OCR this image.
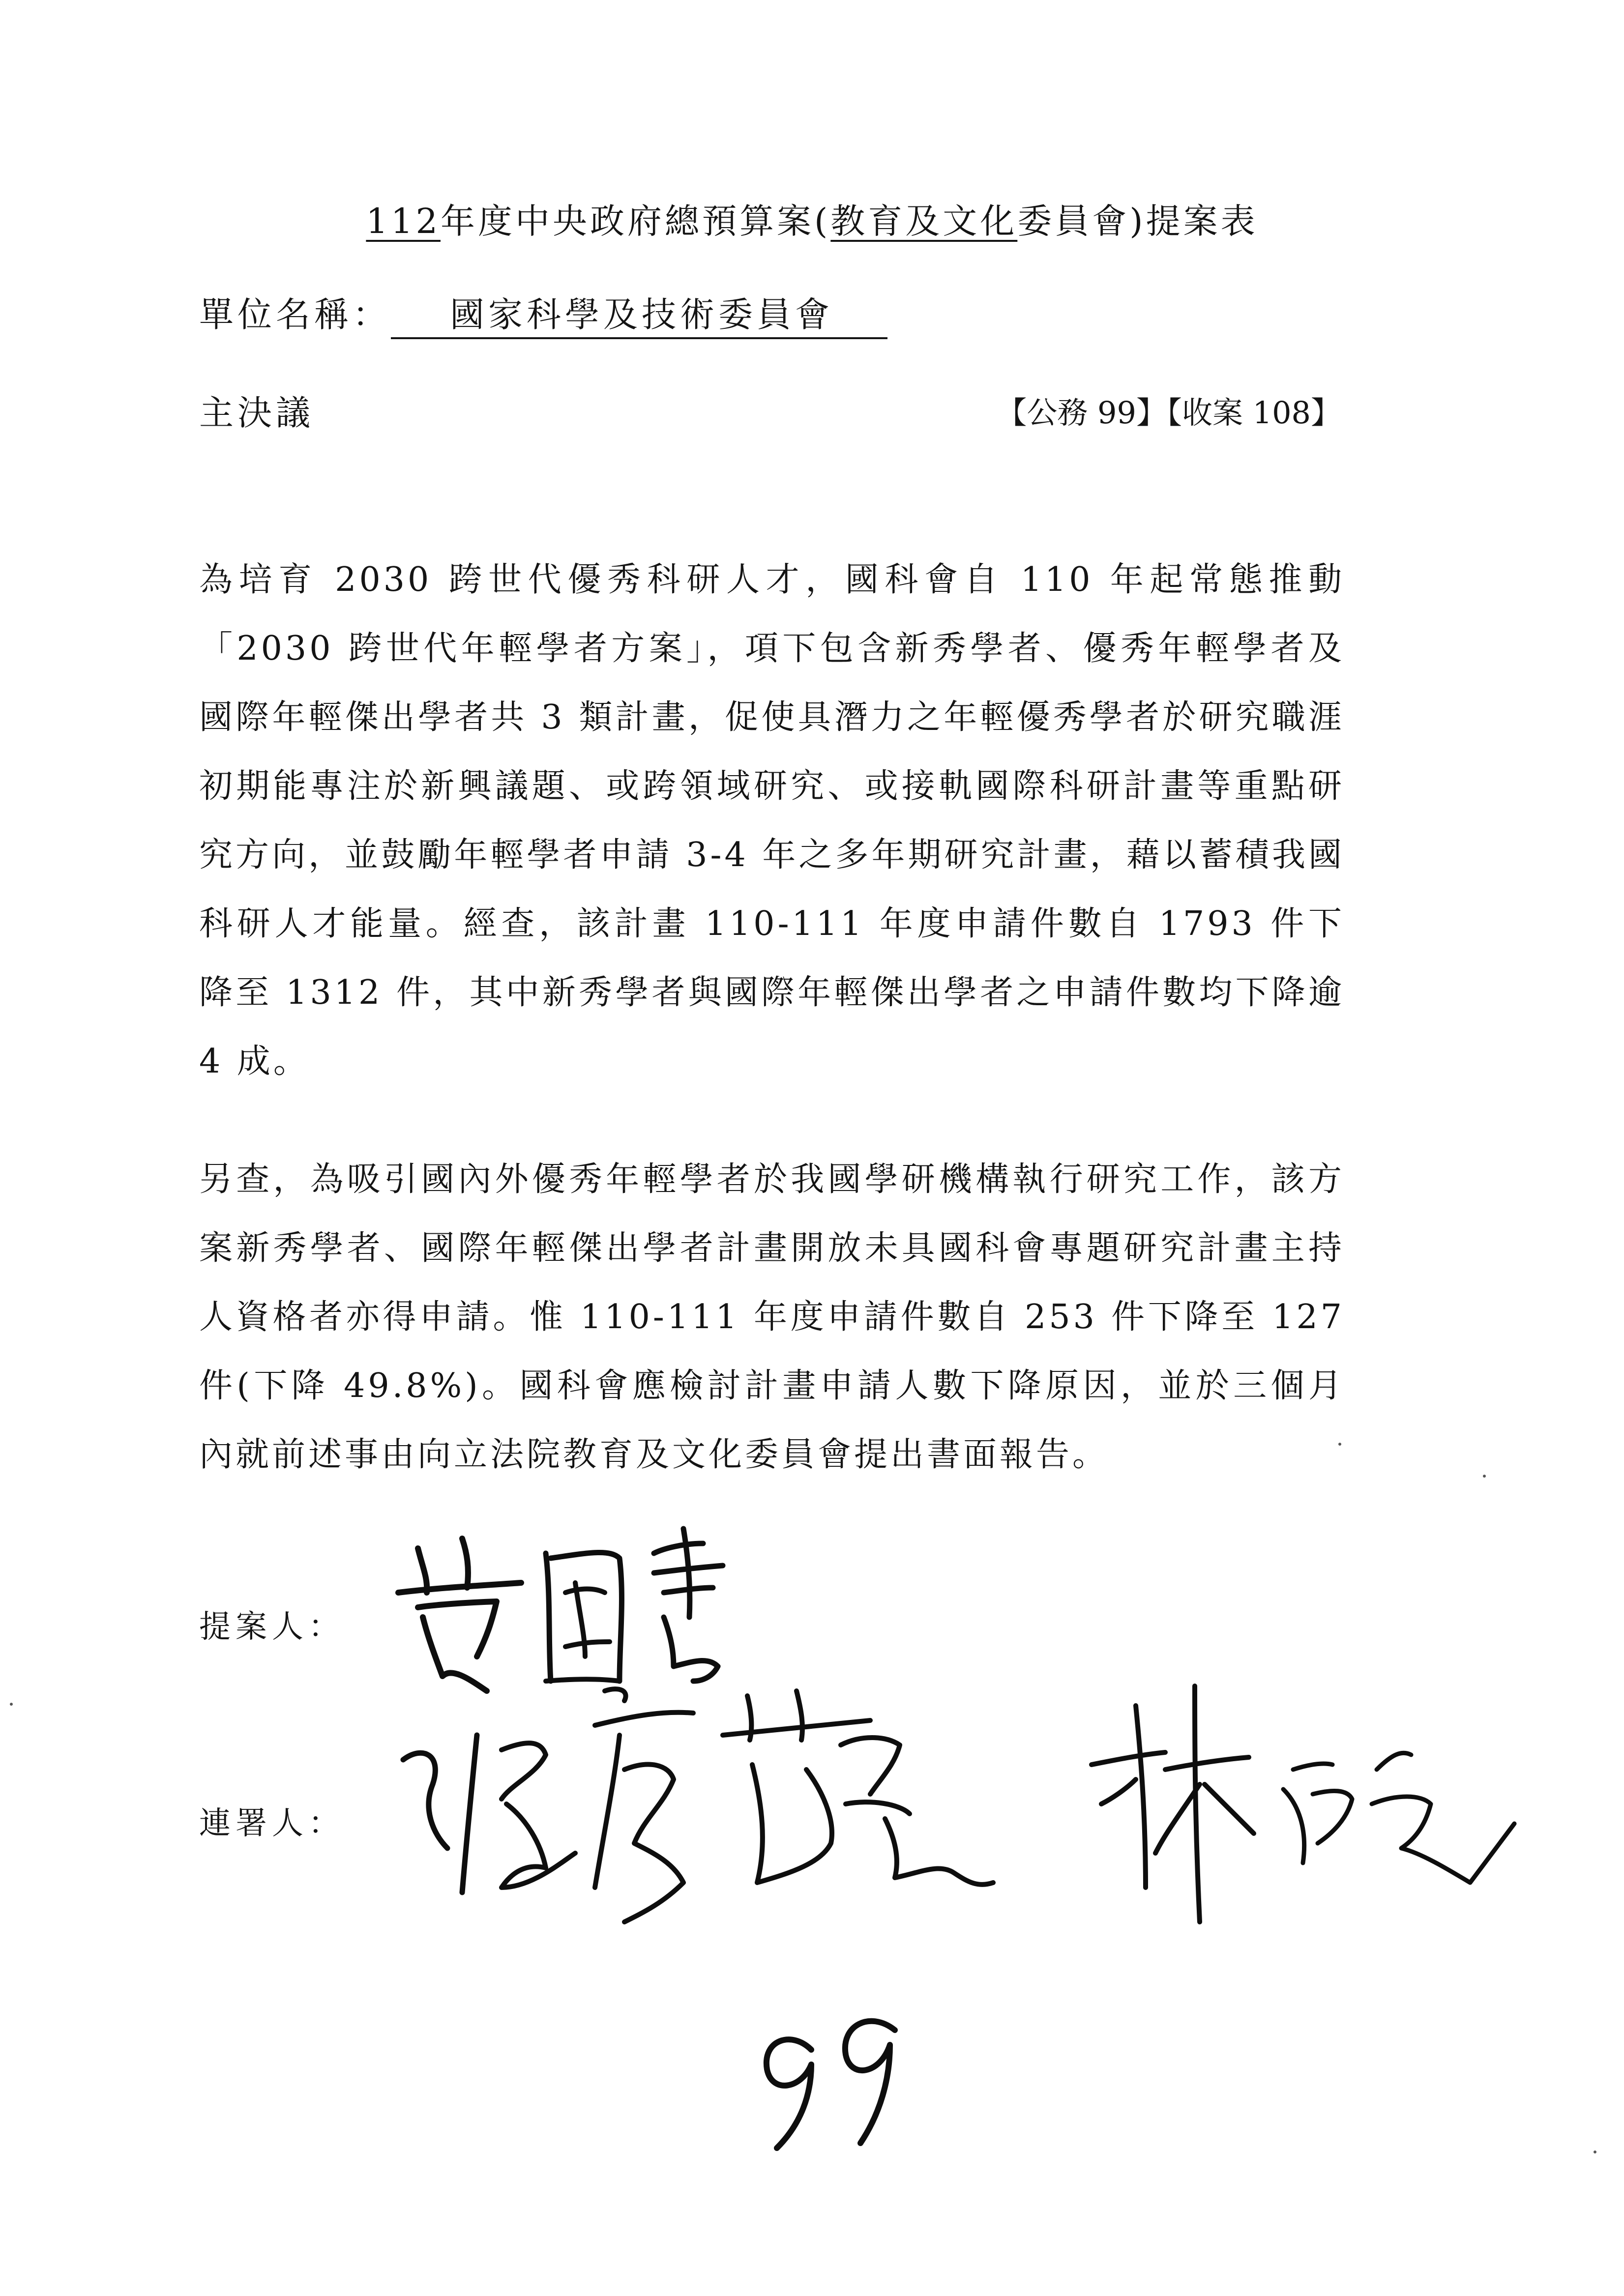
112年度中央政府總預算案(教育及文化委員會)提案表
單位名稱： 國家科學及技術委員會
主決議	【公務 99】【收案 108】

為培育 2030 跨世代優秀科研人才，國科會自 110 年起常態推動「2030 跨世代年輕學者方案」，項下包含新秀學者、優秀年輕學者及國際年輕傑出學者共 3 類計畫，促使具潛力之年輕優秀學者於研究職涯初期能專注於新興議題、或跨領域研究、或接軌國際科研計畫等重點研究方向，並鼓勵年輕學者申請 3-4 年之多年期研究計畫，藉以蓄積我國科研人才能量。經查，該計畫 110-111 年度申請件數自 1793 件下降至 1312 件，其中新秀學者與國際年輕傑出學者之申請件數均下降逾 4 成。

另查，為吸引國內外優秀年輕學者於我國學研機構執行研究工作，該方案新秀學者、國際年輕傑出學者計畫開放未具國科會專題研究計畫主持人資格者亦得申請。惟 110-111 年度申請件數自 253 件下降至 127 件(下降 49.8%)。國科會應檢討計畫申請人數下降原因，並於三個月內就前述事由向立法院教育及文化委員會提出書面報告。

提案人：
連署人：
